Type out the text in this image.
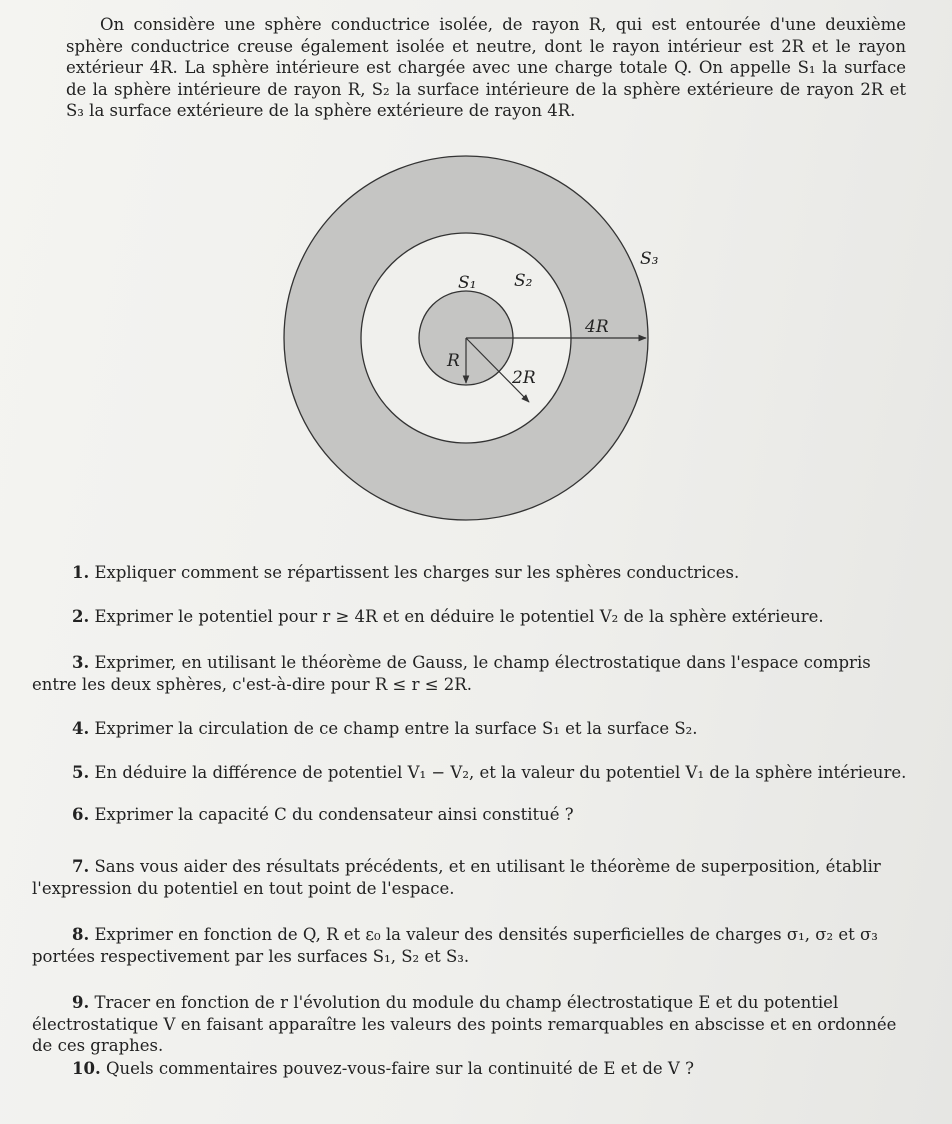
On considère une sphère conductrice isolée, de rayon R, qui est entourée d'une deuxième sphère conductrice creuse également isolée et neutre, dont le rayon intérieur est 2R et le rayon extérieur 4R. La sphère intérieure est chargée avec une charge totale Q. On appelle S₁ la surface de la sphère intérieure de rayon R, S₂ la surface intérieure de la sphère extérieure de rayon 2R et S₃ la surface extérieure de la sphère extérieure de rayon 4R.

S₁ S₂
S₃
R
2R
4R

1. Expliquer comment se répartissent les charges sur les sphères conductrices.

2. Exprimer le potentiel pour r ≥ 4R et en déduire le potentiel V₂ de la sphère extérieure.

3. Exprimer, en utilisant le théorème de Gauss, le champ électrostatique dans l'espace compris entre les deux sphères, c'est-à-dire pour R ≤ r ≤ 2R.

4. Exprimer la circulation de ce champ entre la surface S₁ et la surface S₂.

5. En déduire la différence de potentiel V₁ − V₂, et la valeur du potentiel V₁ de la sphère intérieure.

6. Exprimer la capacité C du condensateur ainsi constitué ?

7. Sans vous aider des résultats précédents, et en utilisant le théorème de superposition, établir l'expression du potentiel en tout point de l'espace.

8. Exprimer en fonction de Q, R et ε₀ la valeur des densités superficielles de charges σ₁, σ₂ et σ₃ portées respectivement par les surfaces S₁, S₂ et S₃.

9. Tracer en fonction de r l'évolution du module du champ électrostatique E et du potentiel électrostatique V en faisant apparaître les valeurs des points remarquables en abscisse et en ordonnée de ces graphes.

10. Quels commentaires pouvez-vous-faire sur la continuité de E et de V ?
